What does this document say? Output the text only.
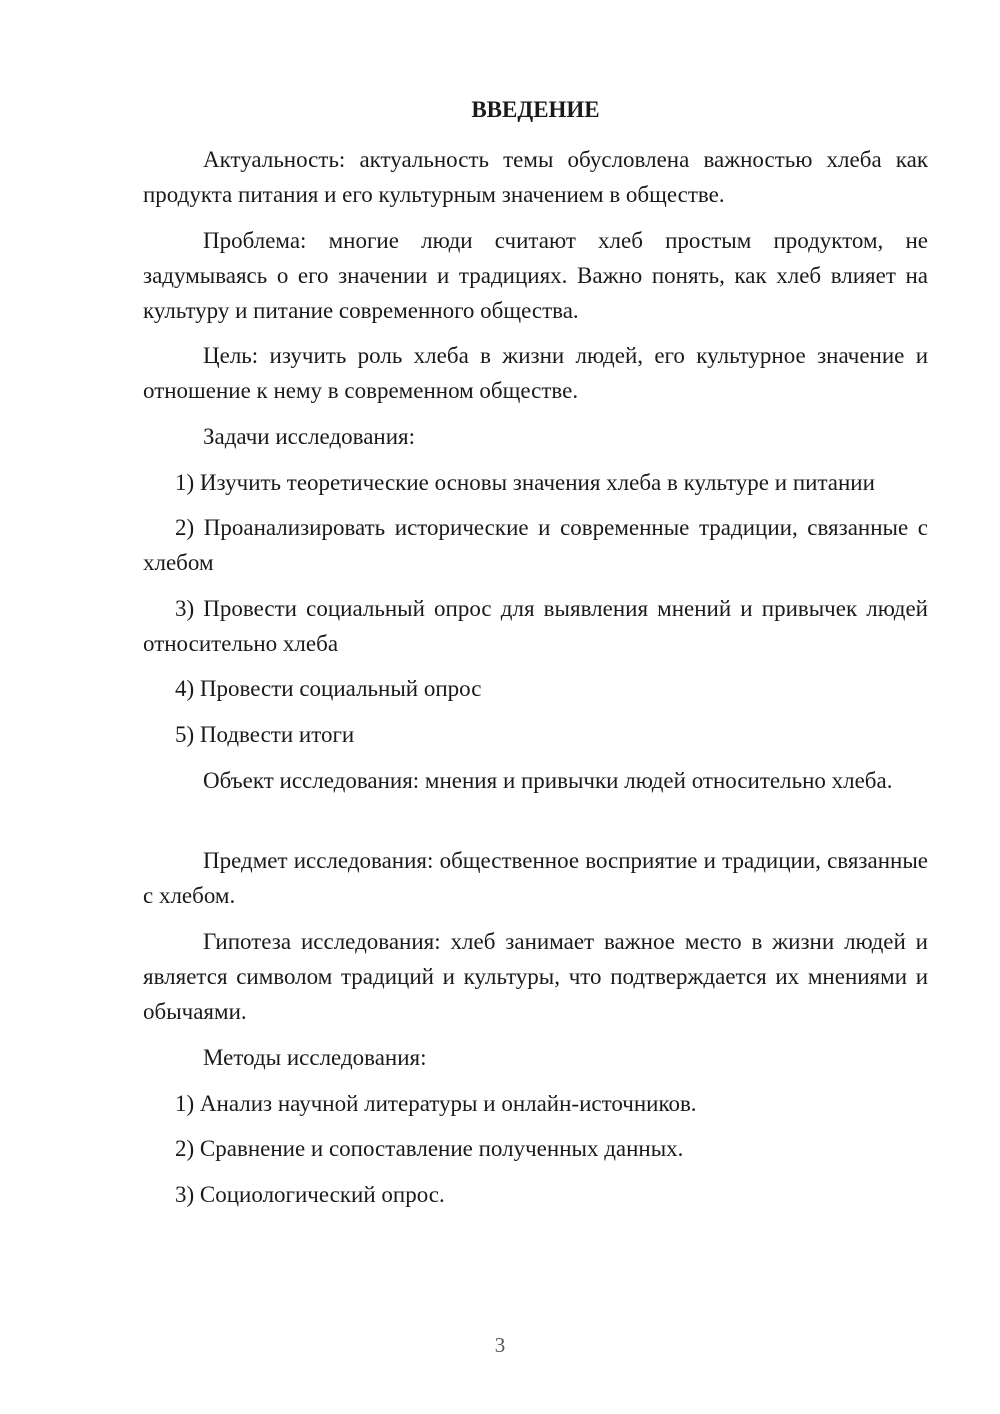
ВВЕДЕНИЕ

Актуальность: актуальность темы обусловлена важностью хлеба как продукта питания и его культурным значением в обществе.

Проблема: многие люди считают хлеб простым продуктом, не задумываясь о его значении и традициях. Важно понять, как хлеб влияет на культуру и питание современного общества.

Цель: изучить роль хлеба в жизни людей, его культурное значение и отношение к нему в современном обществе.

Задачи исследования:

1) Изучить теоретические основы значения хлеба в культуре и питании

2) Проанализировать исторические и современные традиции, связанные с хлебом

3) Провести социальный опрос для выявления мнений и привычек людей относительно хлеба

4) Провести социальный опрос

5) Подвести итоги

Объект исследования: мнения и привычки людей относительно хлеба.

Предмет исследования: общественное восприятие и традиции, связанные с хлебом.

Гипотеза исследования: хлеб занимает важное место в жизни людей и является символом традиций и культуры, что подтверждается их мнениями и обычаями.

Методы исследования:

1) Анализ научной литературы и онлайн-источников.

2) Сравнение и сопоставление полученных данных.

3) Социологический опрос.

3
